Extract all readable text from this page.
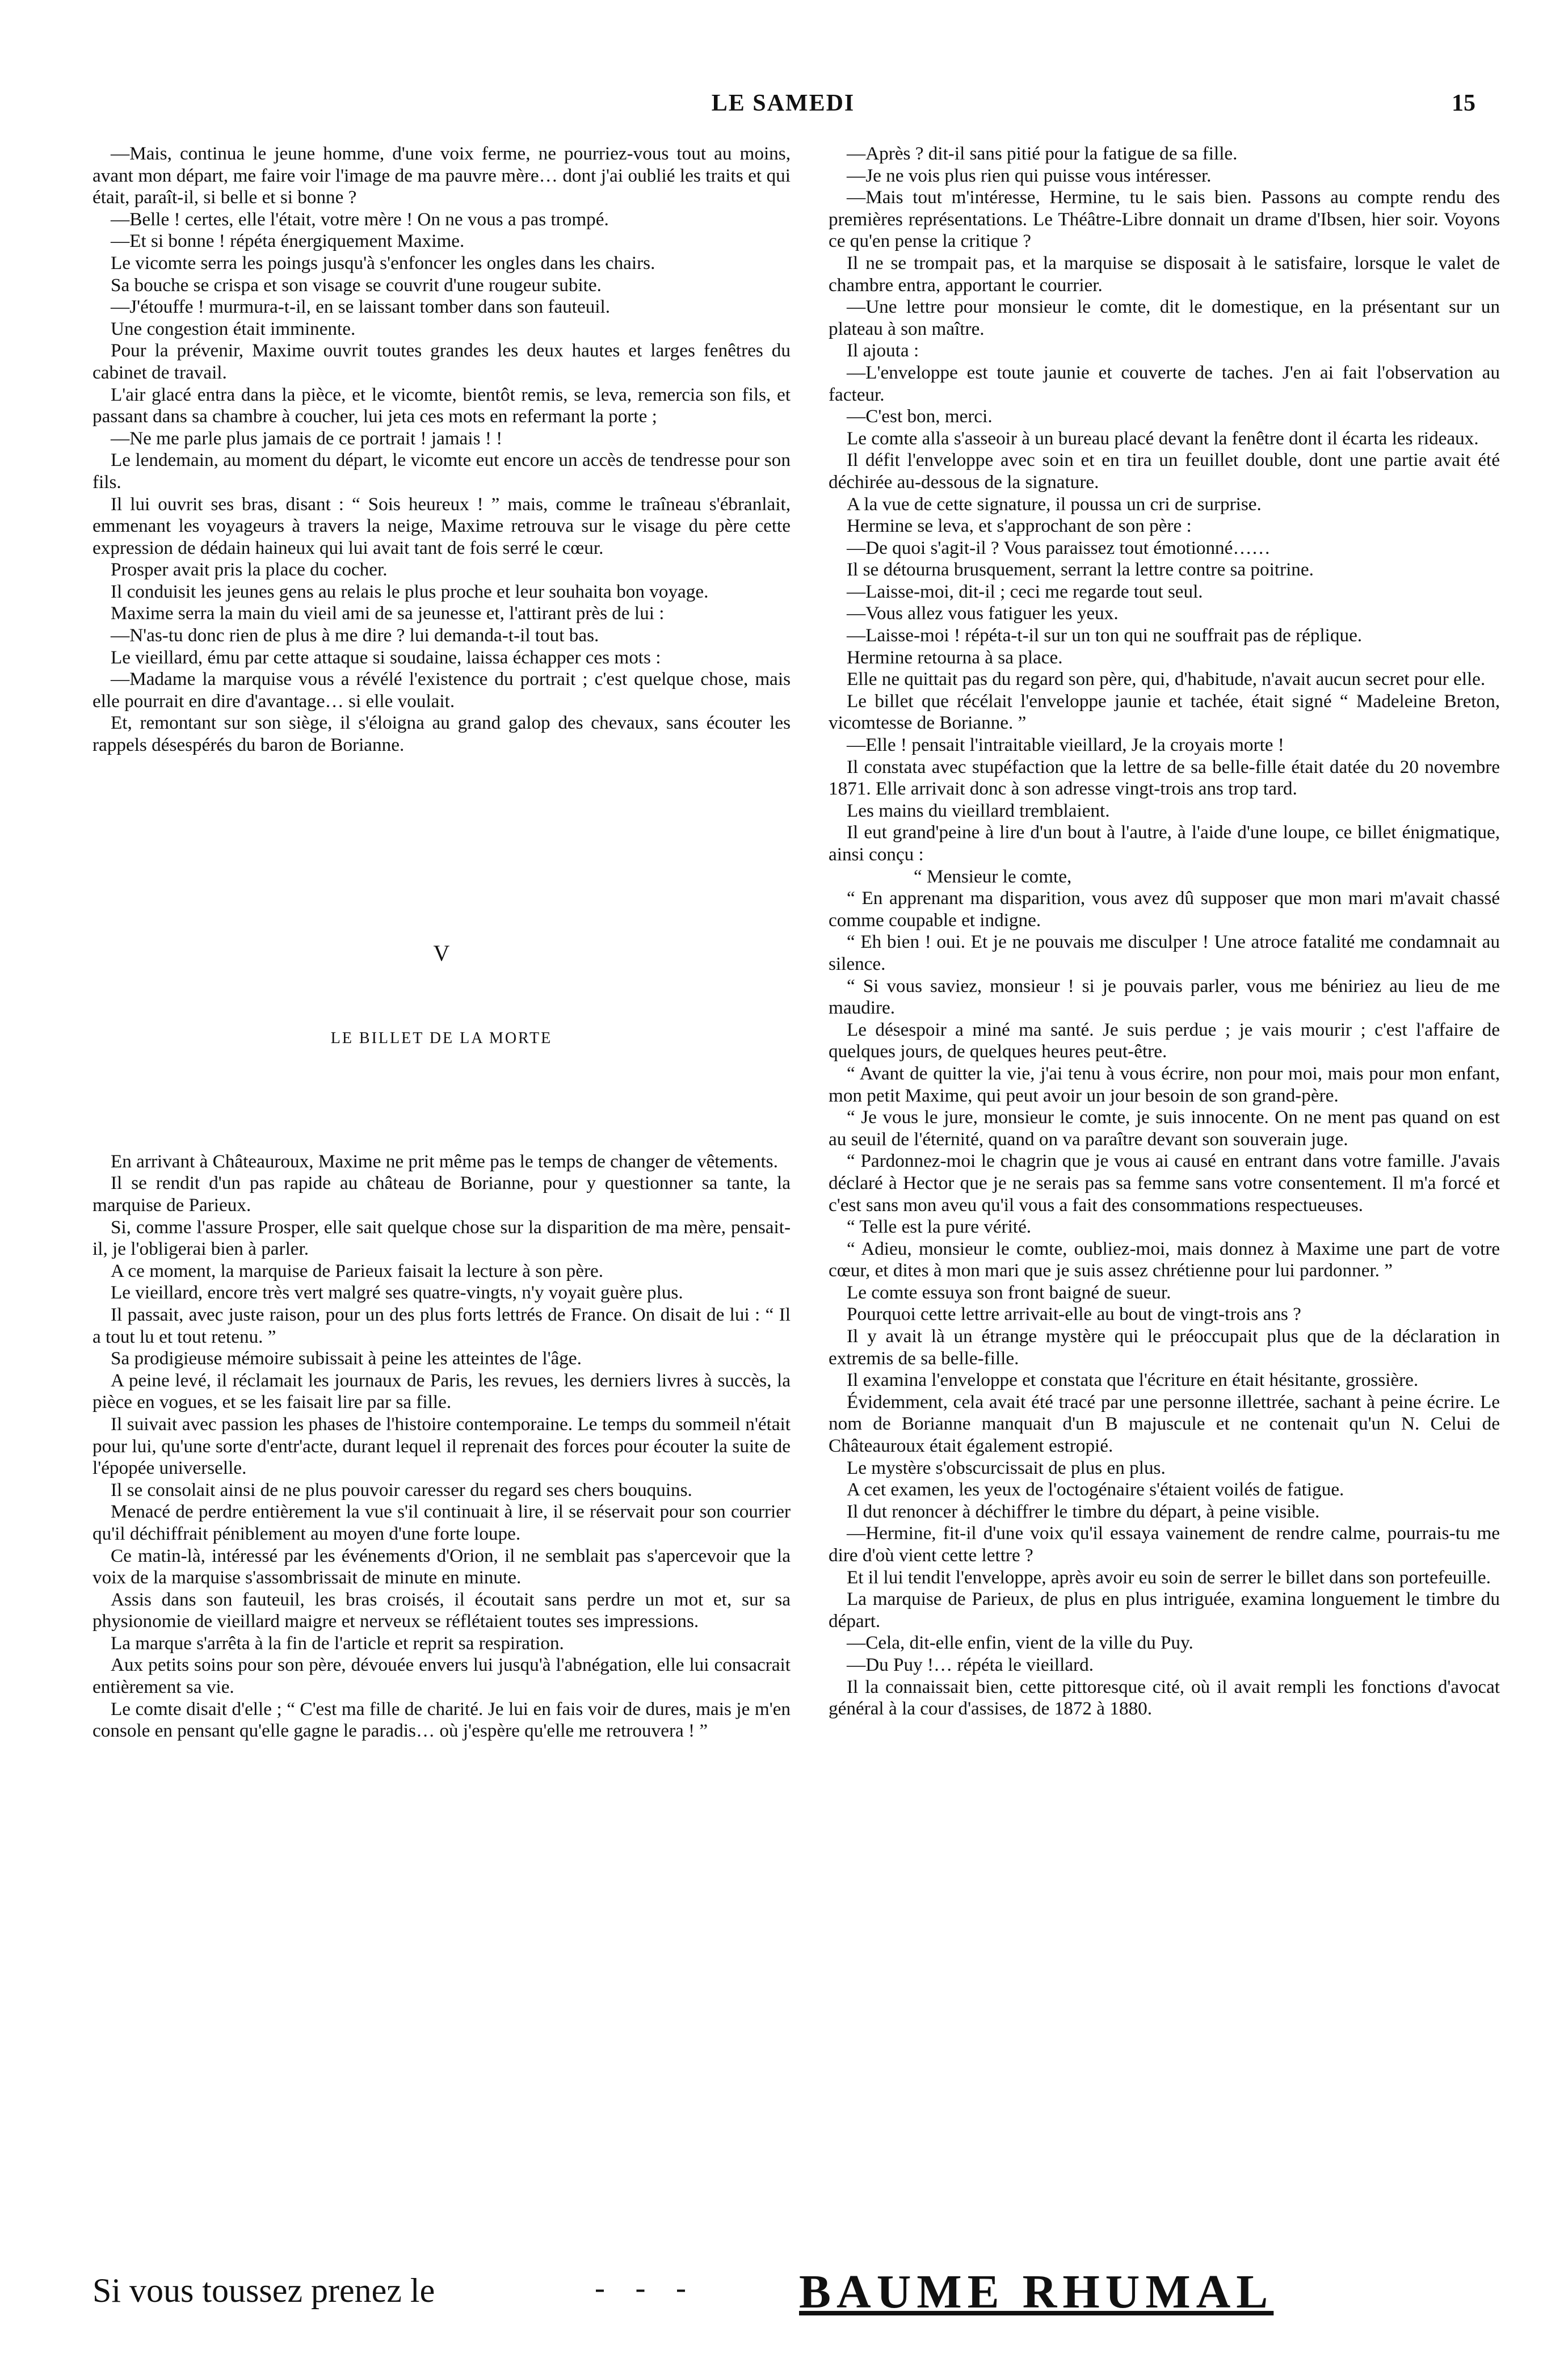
LE SAMEDI	15

—Mais, continua le jeune homme, d'une voix ferme, ne pourriez-vous tout au moins, avant mon départ, me faire voir l'image de ma pauvre mère… dont j'ai oublié les traits et qui était, paraît-il, si belle et si bonne ?

—Belle ! certes, elle l'était, votre mère ! On ne vous a pas trompé.

—Et si bonne ! répéta énergiquement Maxime.

Le vicomte serra les poings jusqu'à s'enfoncer les ongles dans les chairs.

Sa bouche se crispa et son visage se couvrit d'une rougeur subite.

—J'étouffe ! murmura-t-il, en se laissant tomber dans son fauteuil.

Une congestion était imminente.

Pour la prévenir, Maxime ouvrit toutes grandes les deux hautes et larges fenêtres du cabinet de travail.

L'air glacé entra dans la pièce, et le vicomte, bientôt remis, se leva, remercia son fils, et passant dans sa chambre à coucher, lui jeta ces mots en refermant la porte ;

—Ne me parle plus jamais de ce portrait ! jamais ! !

Le lendemain, au moment du départ, le vicomte eut encore un accès de tendresse pour son fils.

Il lui ouvrit ses bras, disant : “ Sois heureux ! ” mais, comme le traîneau s'ébranlait, emmenant les voyageurs à travers la neige, Maxime retrouva sur le visage du père cette expression de dédain haineux qui lui avait tant de fois serré le cœur.

Prosper avait pris la place du cocher.

Il conduisit les jeunes gens au relais le plus proche et leur souhaita bon voyage.

Maxime serra la main du vieil ami de sa jeunesse et, l'attirant près de lui :

—N'as-tu donc rien de plus à me dire ? lui demanda-t-il tout bas.

Le vieillard, ému par cette attaque si soudaine, laissa échapper ces mots :

—Madame la marquise vous a révélé l'existence du portrait ; c'est quelque chose, mais elle pourrait en dire d'avantage… si elle voulait.

Et, remontant sur son siège, il s'éloigna au grand galop des chevaux, sans écouter les rappels désespérés du baron de Borianne.

V

LE BILLET DE LA MORTE

En arrivant à Châteauroux, Maxime ne prit même pas le temps de changer de vêtements.

Il se rendit d'un pas rapide au château de Borianne, pour y questionner sa tante, la marquise de Parieux.

Si, comme l'assure Prosper, elle sait quelque chose sur la disparition de ma mère, pensait-il, je l'obligerai bien à parler.

A ce moment, la marquise de Parieux faisait la lecture à son père.

Le vieillard, encore très vert malgré ses quatre-vingts, n'y voyait guère plus.

Il passait, avec juste raison, pour un des plus forts lettrés de France. On disait de lui : “ Il a tout lu et tout retenu. ”

Sa prodigieuse mémoire subissait à peine les atteintes de l'âge.

A peine levé, il réclamait les journaux de Paris, les revues, les derniers livres à succès, la pièce en vogues, et se les faisait lire par sa fille.

Il suivait avec passion les phases de l'histoire contemporaine. Le temps du sommeil n'était pour lui, qu'une sorte d'entr'acte, durant lequel il reprenait des forces pour écouter la suite de l'épopée universelle.

Il se consolait ainsi de ne plus pouvoir caresser du regard ses chers bouquins.

Menacé de perdre entièrement la vue s'il continuait à lire, il se réservait pour son courrier qu'il déchiffrait péniblement au moyen d'une forte loupe.

Ce matin-là, intéressé par les événements d'Orion, il ne semblait pas s'apercevoir que la voix de la marquise s'assombrissait de minute en minute.

Assis dans son fauteuil, les bras croisés, il écoutait sans perdre un mot et, sur sa physionomie de vieillard maigre et nerveux se réflétaient toutes ses impressions.

La marque s'arrêta à la fin de l'article et reprit sa respiration.

Aux petits soins pour son père, dévouée envers lui jusqu'à l'abnégation, elle lui consacrait entièrement sa vie.

Le comte disait d'elle ; “ C'est ma fille de charité. Je lui en fais voir de dures, mais je m'en console en pensant qu'elle gagne le paradis… où j'espère qu'elle me retrouvera ! ”

—Après ? dit-il sans pitié pour la fatigue de sa fille.

—Je ne vois plus rien qui puisse vous intéresser.

—Mais tout m'intéresse, Hermine, tu le sais bien. Passons au compte rendu des premières représentations. Le Théâtre-Libre donnait un drame d'Ibsen, hier soir. Voyons ce qu'en pense la critique ?

Il ne se trompait pas, et la marquise se disposait à le satisfaire, lorsque le valet de chambre entra, apportant le courrier.

—Une lettre pour monsieur le comte, dit le domestique, en la présentant sur un plateau à son maître.

Il ajouta :

—L'enveloppe est toute jaunie et couverte de taches. J'en ai fait l'observation au facteur.

—C'est bon, merci.

Le comte alla s'asseoir à un bureau placé devant la fenêtre dont il écarta les rideaux.

Il défit l'enveloppe avec soin et en tira un feuillet double, dont une partie avait été déchirée au-dessous de la signature.

A la vue de cette signature, il poussa un cri de surprise.

Hermine se leva, et s'approchant de son père :

—De quoi s'agit-il ? Vous paraissez tout émotionné……

Il se détourna brusquement, serrant la lettre contre sa poitrine.

—Laisse-moi, dit-il ; ceci me regarde tout seul.

—Vous allez vous fatiguer les yeux.

—Laisse-moi ! répéta-t-il sur un ton qui ne souffrait pas de réplique.

Hermine retourna à sa place.

Elle ne quittait pas du regard son père, qui, d'habitude, n'avait aucun secret pour elle.

Le billet que récélait l'enveloppe jaunie et tachée, était signé “ Madeleine Breton, vicomtesse de Borianne. ”

—Elle ! pensait l'intraitable vieillard, Je la croyais morte !

Il constata avec stupéfaction que la lettre de sa belle-fille était datée du 20 novembre 1871. Elle arrivait donc à son adresse vingt-trois ans trop tard.

Les mains du vieillard tremblaient.

Il eut grand'peine à lire d'un bout à l'autre, à l'aide d'une loupe, ce billet énigmatique, ainsi conçu :

“ Mensieur le comte,

“ En apprenant ma disparition, vous avez dû supposer que mon mari m'avait chassé comme coupable et indigne.

“ Eh bien ! oui. Et je ne pouvais me disculper ! Une atroce fatalité me condamnait au silence.

“ Si vous saviez, monsieur ! si je pouvais parler, vous me béniriez au lieu de me maudire.

Le désespoir a miné ma santé. Je suis perdue ; je vais mourir ; c'est l'affaire de quelques jours, de quelques heures peut-être.

“ Avant de quitter la vie, j'ai tenu à vous écrire, non pour moi, mais pour mon enfant, mon petit Maxime, qui peut avoir un jour besoin de son grand-père.

“ Je vous le jure, monsieur le comte, je suis innocente. On ne ment pas quand on est au seuil de l'éternité, quand on va paraître devant son souverain juge.

“ Pardonnez-moi le chagrin que je vous ai causé en entrant dans votre famille. J'avais déclaré à Hector que je ne serais pas sa femme sans votre consentement. Il m'a forcé et c'est sans mon aveu qu'il vous a fait des consommations respectueuses.

“ Telle est la pure vérité.

“ Adieu, monsieur le comte, oubliez-moi, mais donnez à Maxime une part de votre cœur, et dites à mon mari que je suis assez chrétienne pour lui pardonner. ”

Le comte essuya son front baigné de sueur.

Pourquoi cette lettre arrivait-elle au bout de vingt-trois ans ?

Il y avait là un étrange mystère qui le préoccupait plus que de la déclaration in extremis de sa belle-fille.

Il examina l'enveloppe et constata que l'écriture en était hésitante, grossière.

Évidemment, cela avait été tracé par une personne illettrée, sachant à peine écrire. Le nom de Borianne manquait d'un B majuscule et ne contenait qu'un N. Celui de Châteauroux était également estropié.

Le mystère s'obscurcissait de plus en plus.

A cet examen, les yeux de l'octogénaire s'étaient voilés de fatigue.

Il dut renoncer à déchiffrer le timbre du départ, à peine visible.

—Hermine, fit-il d'une voix qu'il essaya vainement de rendre calme, pourrais-tu me dire d'où vient cette lettre ?

Et il lui tendit l'enveloppe, après avoir eu soin de serrer le billet dans son portefeuille.

La marquise de Parieux, de plus en plus intriguée, examina longuement le timbre du départ.

—Cela, dit-elle enfin, vient de la ville du Puy.

—Du Puy !… répéta le vieillard.

Il la connaissait bien, cette pittoresque cité, où il avait rempli les fonctions d'avocat général à la cour d'assises, de 1872 à 1880.

Si vous toussez prenez le	- - - BAUME RHUMAL
